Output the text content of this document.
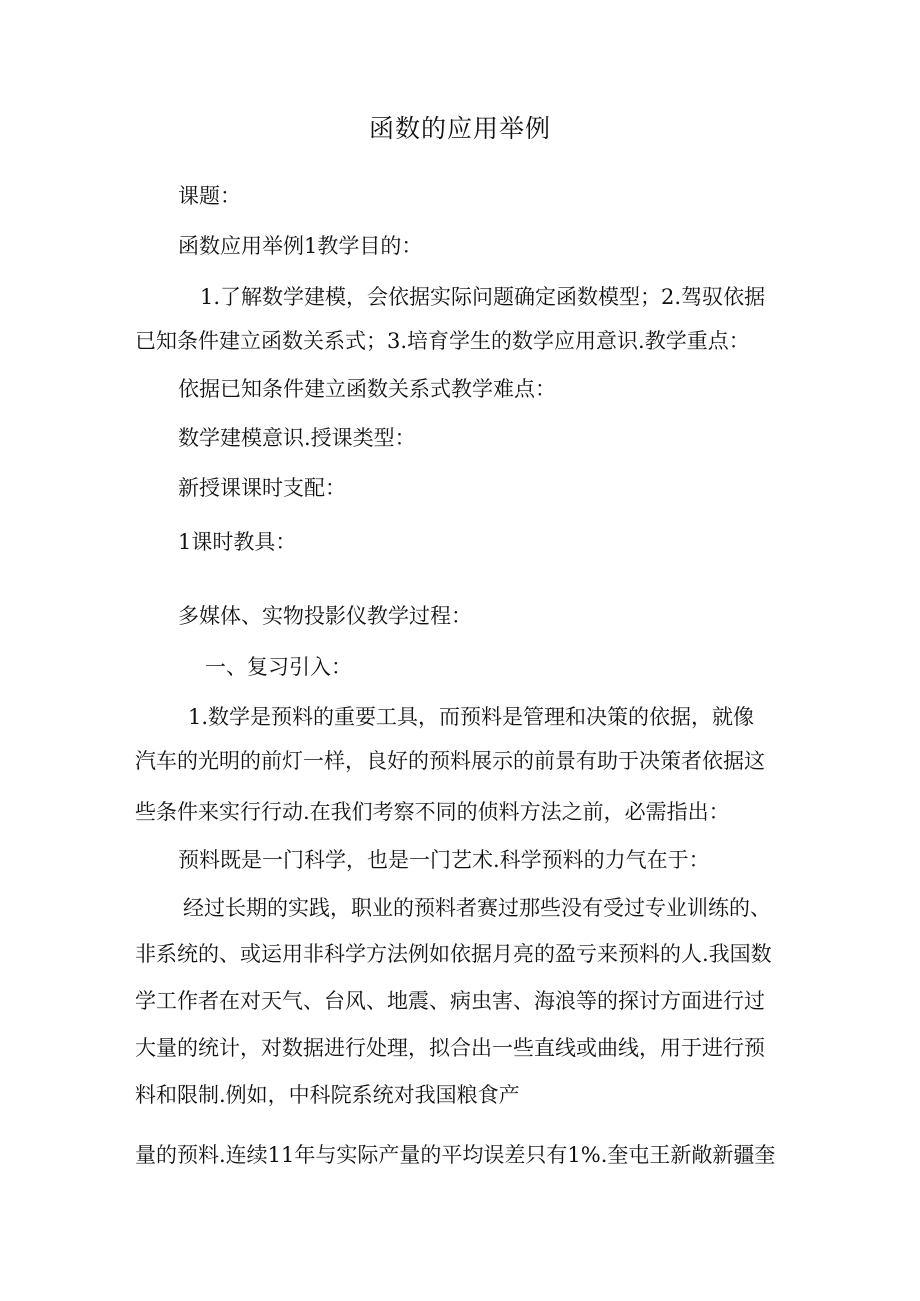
函数的应用举例
课题：
函数应用举例1教学目的：
1.了解数学建模，会依据实际问题确定函数模型；2.驾驭依据
已知条件建立函数关系式；3.培育学生的数学应用意识.教学重点：
依据已知条件建立函数关系式教学难点：
数学建模意识.授课类型：
新授课课时支配：
1课时教具：
多媒体、实物投影仪教学过程：
一、复习引入：
1.数学是预料的重要工具，而预料是管理和决策的依据，就像
汽车的光明的前灯一样，良好的预料展示的前景有助于决策者依据这
些条件来实行行动.在我们考察不同的侦料方法之前，必需指出：
预料既是一门科学，也是一门艺术.科学预料的力气在于：
经过长期的实践，职业的预料者赛过那些没有受过专业训练的、
非系统的、或运用非科学方法例如依据月亮的盈亏来预料的人.我国数
学工作者在对天气、台风、地震、病虫害、海浪等的探讨方面进行过
大量的统计，对数据进行处理，拟合出一些直线或曲线，用于进行预
料和限制.例如，中科院系统对我国粮食产
量的预料.连续11年与实际产量的平均误差只有1%.奎屯王新敞新疆奎
